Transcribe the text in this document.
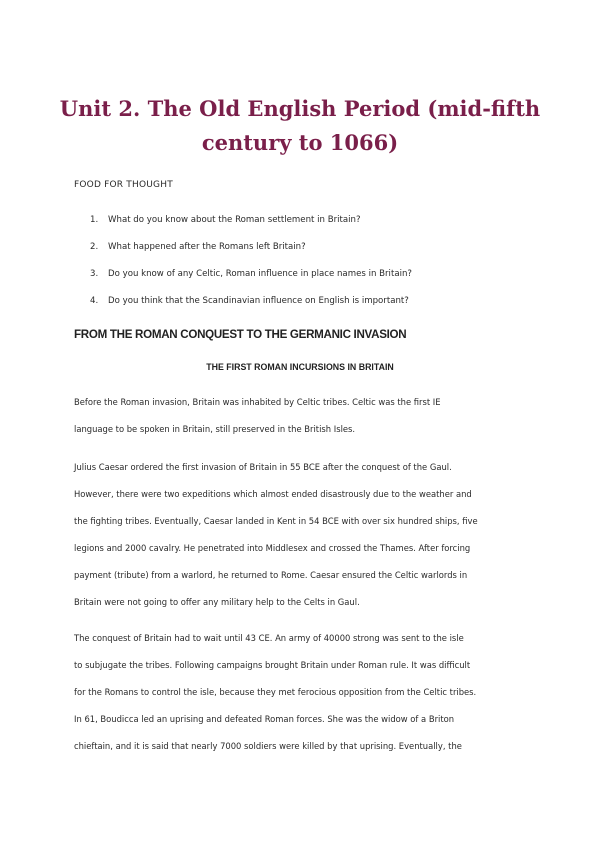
Unit 2. The Old English Period (mid-fifth
century to 1066)

FOOD FOR THOUGHT

1. What do you know about the Roman settlement in Britain?
2. What happened after the Romans left Britain?
3. Do you know of any Celtic, Roman influence in place names in Britain?
4. Do you think that the Scandinavian influence on English is important?
FROM THE ROMAN CONQUEST TO THE GERMANIC INVASION
THE FIRST ROMAN INCURSIONS IN BRITAIN

Before the Roman invasion, Britain was inhabited by Celtic tribes. Celtic was the first IE

language to be spoken in Britain, still preserved in the British Isles.

Julius Caesar ordered the first invasion of Britain in 55 BCE after the conquest of the Gaul.

However, there were two expeditions which almost ended disastrously due to the weather and

the fighting tribes. Eventually, Caesar landed in Kent in 54 BCE with over six hundred ships, five

legions and 2000 cavalry. He penetrated into Middlesex and crossed the Thames. After forcing

payment (tribute) from a warlord, he returned to Rome. Caesar ensured the Celtic warlords in

Britain were not going to offer any military help to the Celts in Gaul.

The conquest of Britain had to wait until 43 CE. An army of 40000 strong was sent to the isle

to subjugate the tribes. Following campaigns brought Britain under Roman rule. It was difficult

for the Romans to control the isle, because they met ferocious opposition from the Celtic tribes.

In 61, Boudicca led an uprising and defeated Roman forces. She was the widow of a Briton

chieftain, and it is said that nearly 7000 soldiers were killed by that uprising. Eventually, the
